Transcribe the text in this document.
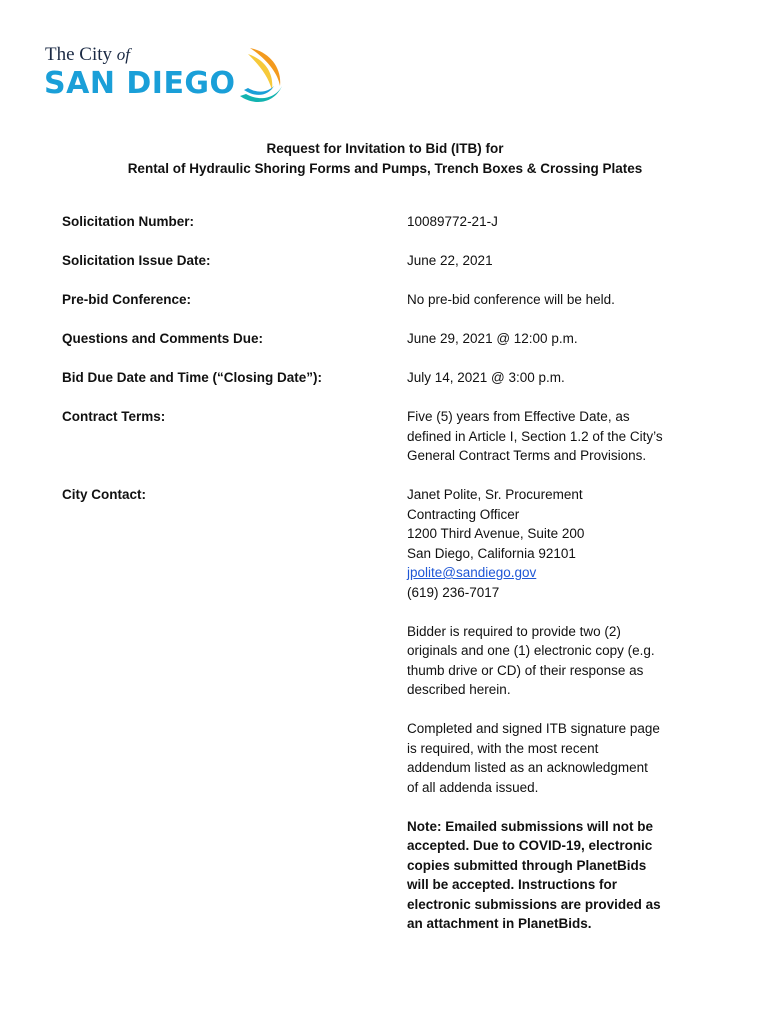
The City of
SAN DIEGO
Request for Invitation to Bid (ITB) for
Rental of Hydraulic Shoring Forms and Pumps, Trench Boxes & Crossing Plates
Solicitation Number:	10089772-21-J
Solicitation Issue Date:	June 22, 2021
Pre-bid Conference:	No pre-bid conference will be held.
Questions and Comments Due:	June 29, 2021 @ 12:00 p.m.
Bid Due Date and Time (“Closing Date”):	July 14, 2021 @ 3:00 p.m.
Contract Terms:	Five (5) years from Effective Date, as
defined in Article I, Section 1.2 of the City’s
General Contract Terms and Provisions.
City Contact:	Janet Polite, Sr. Procurement
Contracting Officer
1200 Third Avenue, Suite 200
San Diego, California 92101
jpolite@sandiego.gov
(619) 236-7017
Bidder is required to provide two (2)
originals and one (1) electronic copy (e.g.
thumb drive or CD) of their response as
described herein.
Completed and signed ITB signature page
is required, with the most recent
addendum listed as an acknowledgment
of all addenda issued.
Note: Emailed submissions will not be
accepted. Due to COVID-19, electronic
copies submitted through PlanetBids
will be accepted. Instructions for
electronic submissions are provided as
an attachment in PlanetBids.
